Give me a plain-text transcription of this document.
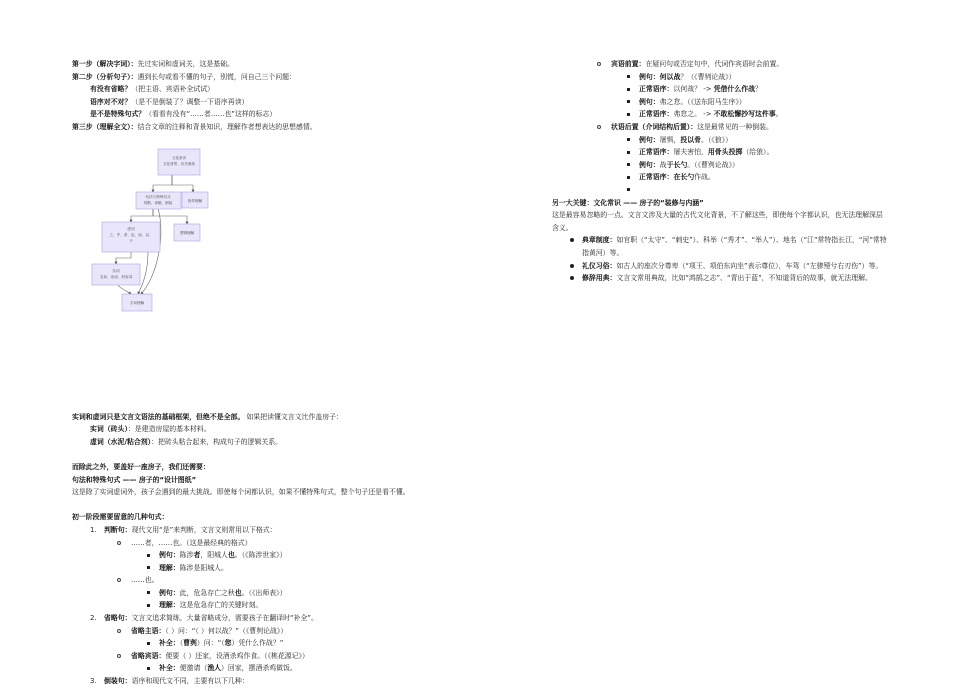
第一步（解决字词）：先过实词和虚词关，这是基础。
第二步（分析句子）：遇到长句或看不懂的句子，别慌，问自己三个问题：
有没有省略？（把主语、宾语补全试试）
语序对不对？（是不是倒装了？调整一下语序再读）
是不是特殊句式？（看看有没有“……者……也”这样的标志）
第三步（理解全文）：结合文章的注释和背景知识，理解作者想表达的思想感情。
文化常识
文化背景、历史典故
句法与特殊句式
判断、省略、倒装	指导理解
虚词
之、乎、者、也、而、以、
于
逻辑理解
实词
名词、动词、形容词
字词理解
实词和虚词只是文言文语法的基础框架，但绝不是全部。 如果把读懂文言文比作盖房子：
实词（砖头）：是建造房屋的基本材料。
虚词（水泥/粘合剂）：把砖头粘合起来，构成句子的逻辑关系。
而除此之外，要盖好一座房子，我们还需要：
句法和特殊句式 —— 房子的“设计图纸”
这是除了实词虚词外，孩子会遇到的最大挑战。即使每个词都认识，如果不懂特殊句式，整个句子还是看不懂。
初一阶段需要留意的几种句式：
1. 判断句：现代文用“是”来判断，文言文则常用以下格式：
……者，……也。（这是最经典的格式）
例句：陈涉者，阳城人也。（《陈涉世家》）
理解：陈涉是阳城人。
……也。
例句：此，危急存亡之秋也。（《出师表》）
理解：这是危急存亡的关键时刻。
2. 省略句：文言文追求简练，大量省略成分，需要孩子在翻译时“补全”。
省略主语：（ ）问：“（ ）何以战？”（《曹刿论战》）
补全：（曹刿）问：“（您）凭什么作战？”
省略宾语：便要（ ）还家，设酒杀鸡作食。（《桃花源记》）
补全：便邀请（渔人）回家，摆酒杀鸡做饭。
3. 倒装句：语序和现代文不同，主要有以下几种：
宾语前置：在疑问句或否定句中，代词作宾语时会前置。
例句：何以战？（《曹刿论战》）
正常语序：以何战？ -> 凭借什么作战？
例句：弗之怠。（《送东阳马生序》）
正常语序：弗怠之。 -> 不敢松懈抄写这件事。
状语后置（介词结构后置）：这是最常见的一种倒装。
例句：屠惧，投以骨。（《狼》）
正常语序：屠夫害怕，用骨头投掷（给狼）。
例句：战于长勺。（《曹刿论战》）
正常语序：在长勺作战。
另一大关键：文化常识 —— 房子的“装修与内涵”
这是最容易忽略的一点。文言文涉及大量的古代文化背景，不了解这些，即使每个字都认识，也无法理解深层含义。
典章制度：如官职（“太守”、“刺史”）、科举（“秀才”、“举人”）、地名（“江”常特指长江，“河”常特指黄河）等。
礼仪习俗：如古人的座次分尊卑（“项王、项伯东向坐”表示尊位），车驾（“左骖殪兮右刃伤”）等。
修辞用典：文言文常用典故，比如“鸿鹄之志”、“青出于蓝”，不知道背后的故事，就无法理解。
